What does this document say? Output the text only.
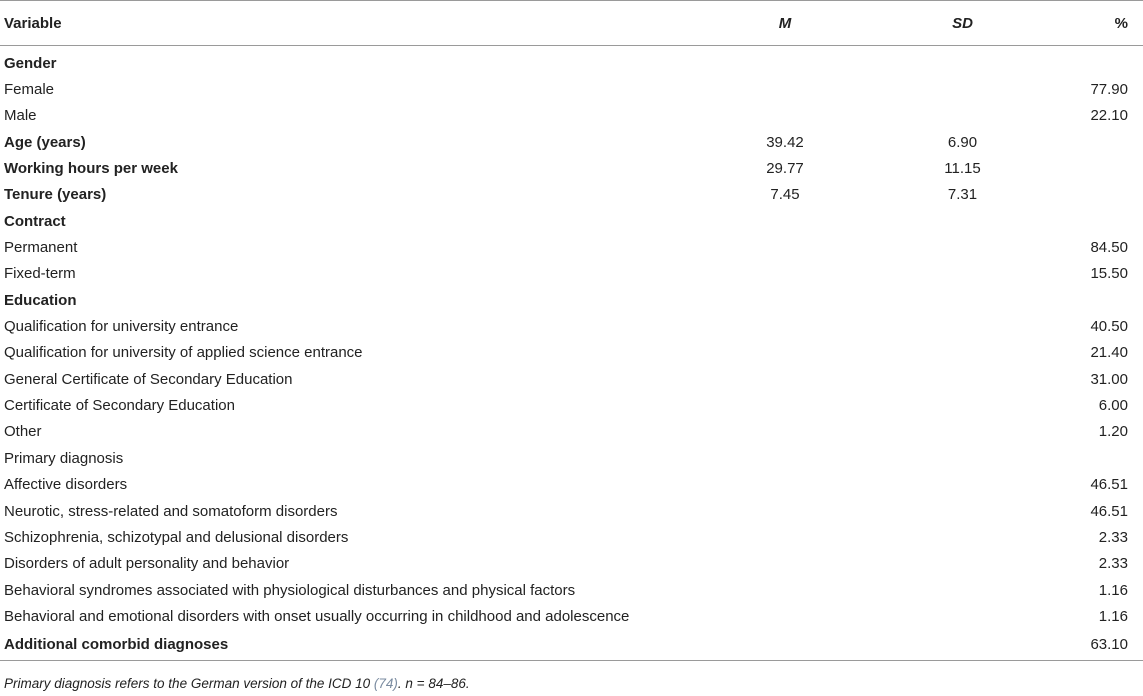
Variable	M	SD	%
Gender			
Female			77.90
Male			22.10
Age (years)	39.42	6.90	
Working hours per week	29.77	11.15	
Tenure (years)	7.45	7.31	
Contract			
Permanent			84.50
Fixed-term			15.50
Education			
Qualification for university entrance			40.50
Qualification for university of applied science entrance			21.40
General Certificate of Secondary Education			31.00
Certificate of Secondary Education			6.00
Other			1.20
Primary diagnosis			
Affective disorders			46.51
Neurotic, stress-related and somatoform disorders			46.51
Schizophrenia, schizotypal and delusional disorders			2.33
Disorders of adult personality and behavior			2.33
Behavioral syndromes associated with physiological disturbances and physical factors			1.16
Behavioral and emotional disorders with onset usually occurring in childhood and adolescence			1.16
Additional comorbid diagnoses			63.10
Primary diagnosis refers to the German version of the ICD 10 (74). n = 84–86.
